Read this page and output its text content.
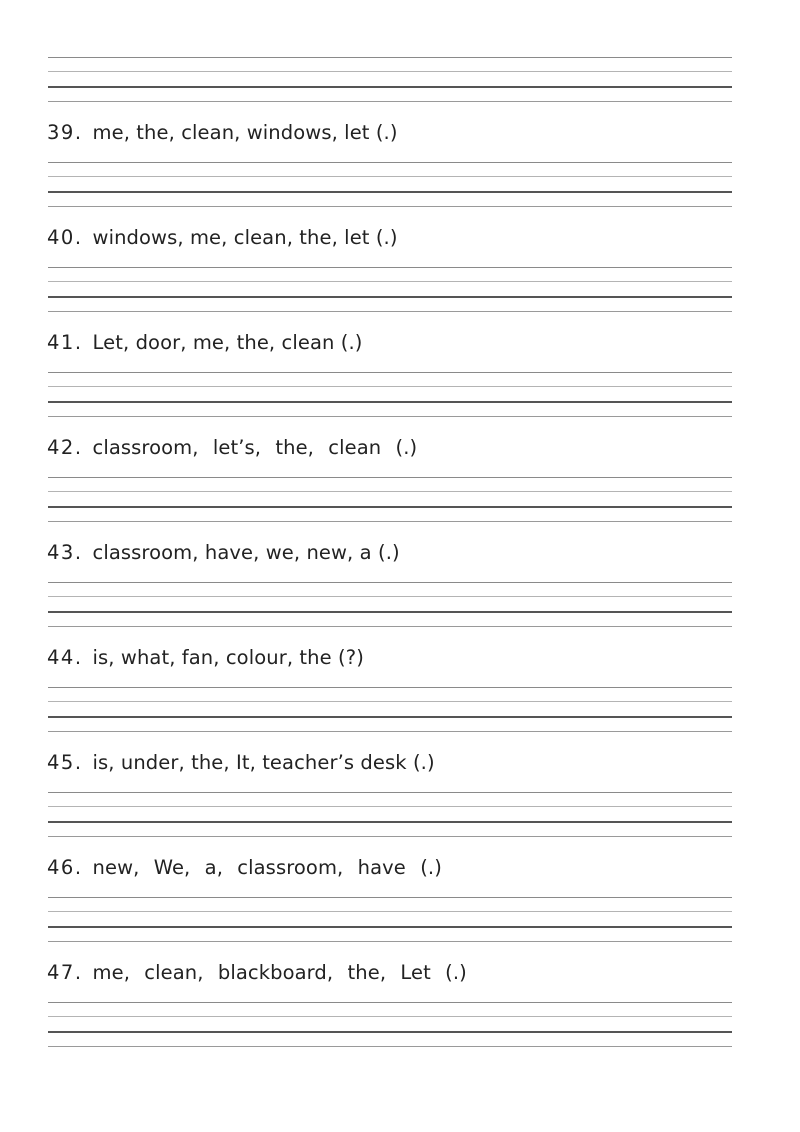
39. me, the, clean, windows, let (.)
40. windows, me, clean, the, let (.)
41. Let, door, me, the, clean (.)
42. classroom, let’s, the, clean (.)
43. classroom, have, we, new, a (.)
44. is, what, fan, colour, the (?)
45. is, under, the, It, teacher’s desk (.)
46. new, We, a, classroom, have (.)
47. me, clean, blackboard, the, Let (.)
